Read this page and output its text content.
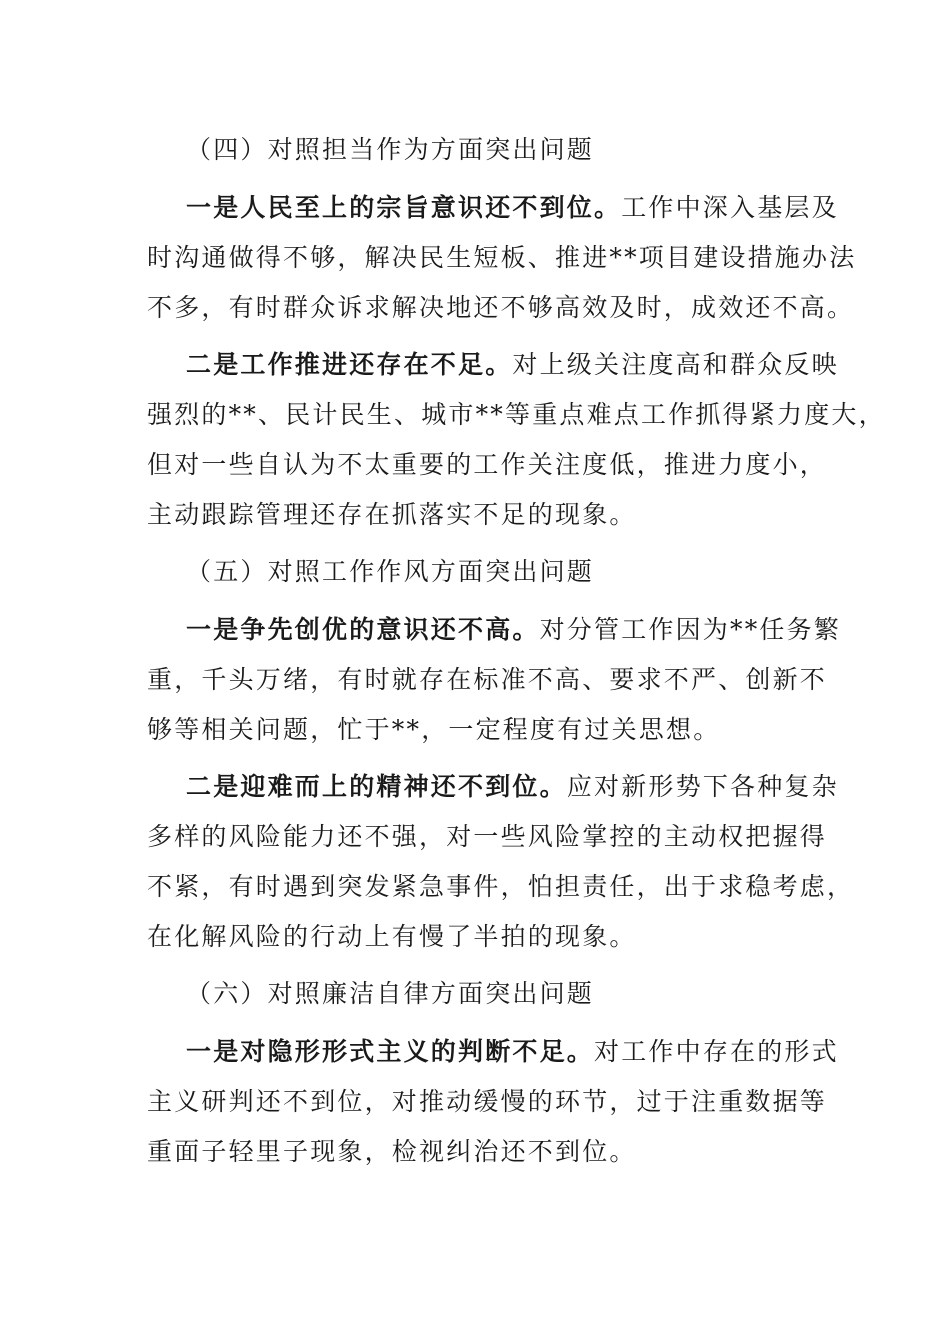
（四）对照担当作为方面突出问题
一是人民至上的宗旨意识还不到位。工作中深入基层及
时沟通做得不够，解决民生短板、推进**项目建设措施办法
不多，有时群众诉求解决地还不够高效及时，成效还不高。
二是工作推进还存在不足。对上级关注度高和群众反映
强烈的**、民计民生、城市**等重点难点工作抓得紧力度大，
但对一些自认为不太重要的工作关注度低，推进力度小，
主动跟踪管理还存在抓落实不足的现象。
（五）对照工作作风方面突出问题
一是争先创优的意识还不高。对分管工作因为**任务繁
重，千头万绪，有时就存在标准不高、要求不严、创新不
够等相关问题，忙于**，一定程度有过关思想。
二是迎难而上的精神还不到位。应对新形势下各种复杂
多样的风险能力还不强，对一些风险掌控的主动权把握得
不紧，有时遇到突发紧急事件，怕担责任，出于求稳考虑，
在化解风险的行动上有慢了半拍的现象。
（六）对照廉洁自律方面突出问题
一是对隐形形式主义的判断不足。对工作中存在的形式
主义研判还不到位，对推动缓慢的环节，过于注重数据等
重面子轻里子现象，检视纠治还不到位。
